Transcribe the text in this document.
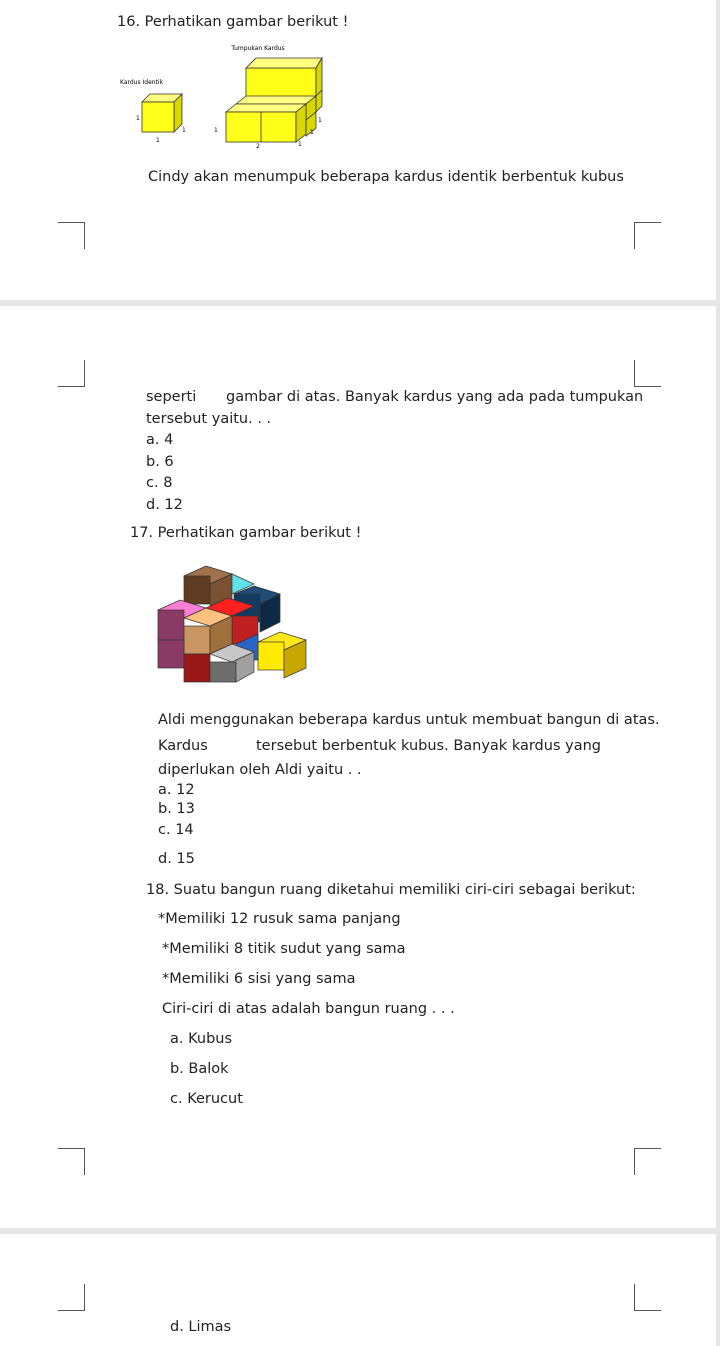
16. Perhatikan gambar berikut !
Tumpukan Kardus
Kardus Identik
1
1
1	1
2	1
1
1
Cindy akan menumpuk beberapa kardus identik berbentuk kubus
seperti gambar di atas. Banyak kardus yang ada pada tumpukan
tersebut yaitu. . .
a. 4
b. 6
c. 8
d. 12
17. Perhatikan gambar berikut !
Aldi menggunakan beberapa kardus untuk membuat bangun di atas.
Kardus	tersebut berbentuk kubus. Banyak kardus yang
diperlukan oleh Aldi yaitu . .
a. 12
b. 13
c. 14
d. 15
18. Suatu bangun ruang diketahui memiliki ciri-ciri sebagai berikut:
*Memiliki 12 rusuk sama panjang
*Memiliki 8 titik sudut yang sama
*Memiliki 6 sisi yang sama
Ciri-ciri di atas adalah bangun ruang . . .
a. Kubus
b. Balok
c. Kerucut
d. Limas
